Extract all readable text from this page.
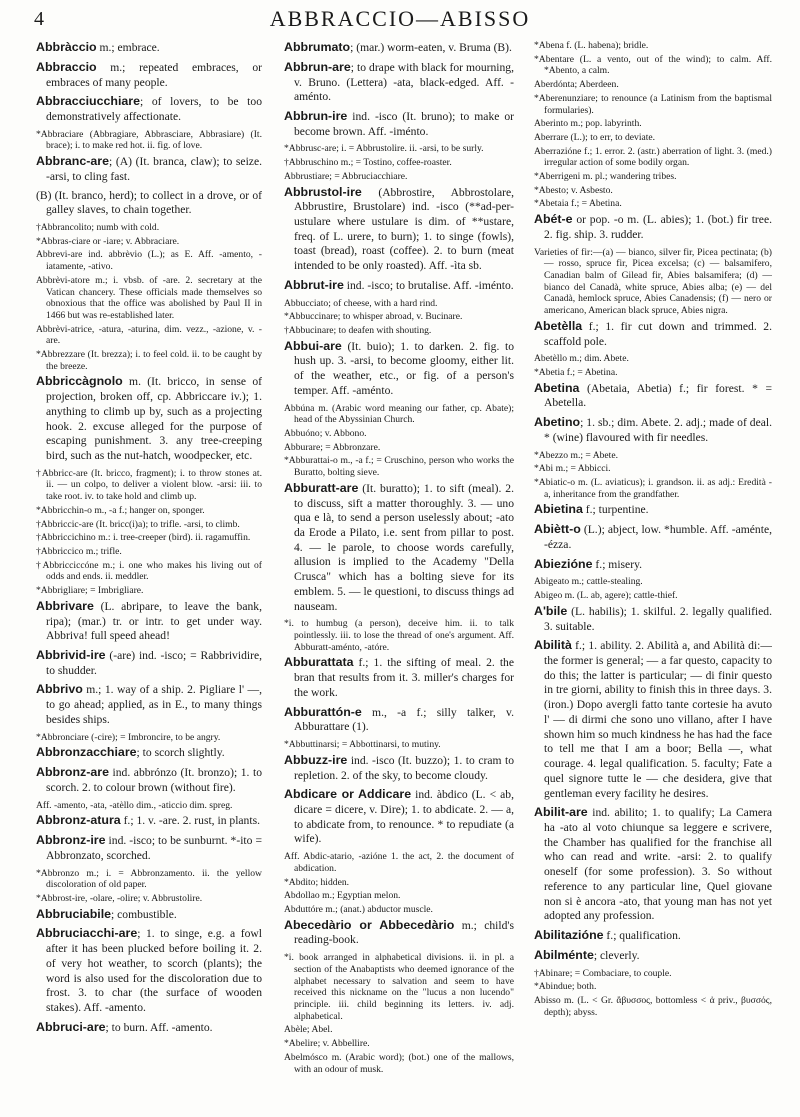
4	ABBRACCIO—ABISSO

Abbràccio m.; embrace.

Abbraccio m.; repeated embraces, or embraces of many people.

Abbracciucchiare; of lovers, to be too demonstratively affectionate.

*Abbraciare (Abbragiare, Abbrasciare, Abbrasiare) (It. brace); i. to make red hot. ii. fig. of love.

Abbranc-are; (A) (It. branca, claw); to seize. -arsi, to cling fast.

(B) (It. branco, herd); to collect in a drove, or of galley slaves, to chain together.

†Abbrancolito; numb with cold.

*Abbras-ciare or -iare; v. Abbraciare.

Abbrevi-are ind. abbrèvio (L.); as E. Aff. -amento, -iatamente, -ativo.

Abbrèvi-atore m.; i. vbsb. of -are. 2. secretary at the Vatican chancery. These officials made themselves so obnoxious that the office was abolished by Paul II in 1466 but was re-established later.

Abbrèvi-atrice, -atura, -aturina, dim. vezz., -azione, v. -are.

*Abbrezzare (It. brezza); i. to feel cold. ii. to be caught by the breeze.

Abbriccàgnolo m. (It. bricco, in sense of projection, broken off, cp. Abbriccare iv.); 1. anything to climb up by, such as a projecting hook. 2. excuse alleged for the purpose of escaping punishment. 3. any tree-creeping bird, such as the nut-hatch, woodpecker, etc.

†Abbricc-are (It. bricco, fragment); i. to throw stones at. ii. — un colpo, to deliver a violent blow. -arsi: iii. to take root. iv. to take hold and climb up.

*Abbricchin-o m., -a f.; hanger on, sponger.

†Abbriccic-are (It. bricc(i)a); to trifle. -arsi, to climb.

†Abbriccichino m.: i. tree-creeper (bird). ii. ragamuffin.

†Abbriccico m.; trifle.

†Abbricciccóne m.; i. one who makes his living out of odds and ends. ii. meddler.

*Abbrigliare; = Imbrigliare.

Abbrivare (L. abripare, to leave the bank, ripa); (mar.) tr. or intr. to get under way. Abbriva! full speed ahead!

Abbrivid-ire (-are) ind. -isco; = Rabbrividire, to shudder.

Abbrivo m.; 1. way of a ship. 2. Pigliare l' —, to go ahead; applied, as in E., to many things besides ships.

*Abbronciare (-cire); = Imbroncire, to be angry.

Abbronzacchiare; to scorch slightly.

Abbronz-are ind. abbrónzo (It. bronzo); 1. to scorch. 2. to colour brown (without fire).

Aff. -amento, -ata, -atèllo dim., -aticcio dim. spreg.

Abbronz-atura f.; 1. v. -are. 2. rust, in plants.

Abbronz-ire ind. -isco; to be sunburnt. *-ito = Abbronzato, scorched.

*Abbronzo m.; i. = Abbronzamento. ii. the yellow discoloration of old paper.

*Abbrost-ire, -olare, -olire; v. Abbrustolire.

Abbruciabile; combustible.

Abbruciacchi-are; 1. to singe, e.g. a fowl after it has been plucked before boiling it. 2. of very hot weather, to scorch (plants); the word is also used for the discoloration due to frost. 3. to char (the surface of wooden stakes). Aff. -amento.

Abbruci-are; to burn. Aff. -amento.

Abbrumato; (mar.) worm-eaten, v. Bruma (B).

Abbrun-are; to drape with black for mourning, v. Bruno. (Lettera) -ata, black-edged. Aff. -aménto.

Abbrun-ire ind. -isco (It. bruno); to make or become brown. Aff. -iménto.

*Abbrusc-are; i. = Abbrustolire. ii. -arsi, to be surly.

†Abbruschino m.; = Tostino, coffee-roaster.

Abbrustiare; = Abbruciacchiare.

Abbrustol-ire (Abbrostire, Abbrostolare, Abbrustire, Brustolare) ind. -isco (**ad-per-ustulare where ustulare is dim. of **ustare, freq. of L. urere, to burn); 1. to singe (fowls), toast (bread), roast (coffee). 2. to burn (meat intended to be only roasted). Aff. -ìta sb.

Abbrut-ire ind. -isco; to brutalise. Aff. -iménto.

Abbucciato; of cheese, with a hard rind.

*Abbuccinare; to whisper abroad, v. Bucinare.

†Abbucinare; to deafen with shouting.

Abbui-are (It. buio); 1. to darken. 2. fig. to hush up. 3. -arsi, to become gloomy, either lit. of the weather, etc., or fig. of a person's temper. Aff. -aménto.

Abbúna m. (Arabic word meaning our father, cp. Abate); head of the Abyssinian Church.

Abbuóno; v. Abbono.

Abburare; = Abbronzare.

*Abburattai-o m., -a f.; = Cruschino, person who works the Buratto, bolting sieve.

Abburatt-are (It. buratto); 1. to sift (meal). 2. to discuss, sift a matter thoroughly. 3. — uno qua e là, to send a person uselessly about; -ato da Erode a Pilato, i.e. sent from pillar to post. 4. — le parole, to choose words carefully, allusion is implied to the Academy "Della Crusca" which has a bolting sieve for its emblem. 5. — le questioni, to discuss things ad nauseam.

*i. to humbug (a person), deceive him. ii. to talk pointlessly. iii. to lose the thread of one's argument. Aff. Abburatt-aménto, -atóre.

Abburattata f.; 1. the sifting of meal. 2. the bran that results from it. 3. miller's charges for the work.

Abburattón-e m., -a f.; silly talker, v. Abburattare (1).

*Abbuttinarsi; = Abbottinarsi, to mutiny.

Abbuzz-ire ind. -isco (It. buzzo); 1. to cram to repletion. 2. of the sky, to become cloudy.

Abdicare or Addicare ind. àbdico (L. < ab, dicare = dicere, v. Dire); 1. to abdicate. 2. — a, to abdicate from, to renounce. * to repudiate (a wife).

Aff. Abdic-atario, -azióne 1. the act, 2. the document of abdication.

*Abdito; hidden.

Abdollao m.; Egyptian melon.

Abduttóre m.; (anat.) abductor muscle.

Abecedàrio or Abbecedàrio m.; child's reading-book.

*i. book arranged in alphabetical divisions. ii. in pl. a section of the Anabaptists who deemed ignorance of the alphabet necessary to salvation and seem to have received this nickname on the "lucus a non lucendo" principle. iii. child beginning its letters. iv. adj. alphabetical.

Abèle; Abel.

*Abelire; v. Abbellire.

Abelmósco m. (Arabic word); (bot.) one of the mallows, with an odour of musk.

*Abena f. (L. habena); bridle.

*Abentare (L. a vento, out of the wind); to calm. Aff. *Abento, a calm.

Aberdónta; Aberdeen.

*Aberenunziare; to renounce (a Latinism from the baptismal formularies).

Aberinto m.; pop. labyrinth.

Aberrare (L.); to err, to deviate.

Aberrazióne f.; 1. error. 2. (astr.) aberration of light. 3. (med.) irregular action of some bodily organ.

*Aberrigeni m. pl.; wandering tribes.

*Abesto; v. Asbesto.

*Abetaia f.; = Abetina.

Abét-e or pop. -o m. (L. abies); 1. (bot.) fir tree. 2. fig. ship. 3. rudder.

Varieties of fir:—(a) — bianco, silver fir, Picea pectinata; (b) — rosso, spruce fir, Picea excelsa; (c) — balsamifero, Canadian balm of Gilead fir, Abies balsamifera; (d) — bianco del Canadà, white spruce, Abies alba; (e) — del Canadà, hemlock spruce, Abies Canadensis; (f) — nero or americano, American black spruce, Abies nigra.

Abetèlla f.; 1. fir cut down and trimmed. 2. scaffold pole.

Abetèllo m.; dim. Abete.

*Abetia f.; = Abetina.

Abetina (Abetaia, Abetia) f.; fir forest. * = Abetella.

Abetino; 1. sb.; dim. Abete. 2. adj.; made of deal. * (wine) flavoured with fir needles.

*Abezzo m.; = Abete.

*Abi m.; = Abbicci.

*Abiatic-o m. (L. aviaticus); i. grandson. ii. as adj.: Eredità -a, inheritance from the grandfather.

Abietina f.; turpentine.

Abiètt-o (L.); abject, low. *humble. Aff. -aménte, -ézza.

Abiezióne f.; misery.

Abigeato m.; cattle-stealing.

Abigeo m. (L. ab, agere); cattle-thief.

A'bile (L. habilis); 1. skilful. 2. legally qualified. 3. suitable.

Abilità f.; 1. ability. 2. Abilità a, and Abilità di:—the former is general; — a far questo, capacity to do this; the latter is particular; — di finir questo in tre giorni, ability to finish this in three days. 3. (iron.) Dopo avergli fatto tante cortesie ha avuto l' — di dirmi che sono uno villano, after I have shown him so much kindness he has had the face to tell me that I am a boor; Bella —, what courage. 4. legal qualification. 5. faculty; Fate a quel signore tutte le — che desidera, give that gentleman every facility he desires.

Abilit-are ind. abilito; 1. to qualify; La Camera ha -ato al voto chiunque sa leggere e scrivere, the Chamber has qualified for the franchise all who can read and write. -arsi: 2. to qualify oneself (for some profession). 3. So without reference to any particular line, Quel giovane non si è ancora -ato, that young man has not yet adopted any profession.

Abilitazióne f.; qualification.

Abilménte; cleverly.

†Abinare; = Combaciare, to couple.

*Abindue; both.

Abisso m. (L. < Gr. ἄβυσσος, bottomless < ἀ priv., βυσσός, depth); abyss.
